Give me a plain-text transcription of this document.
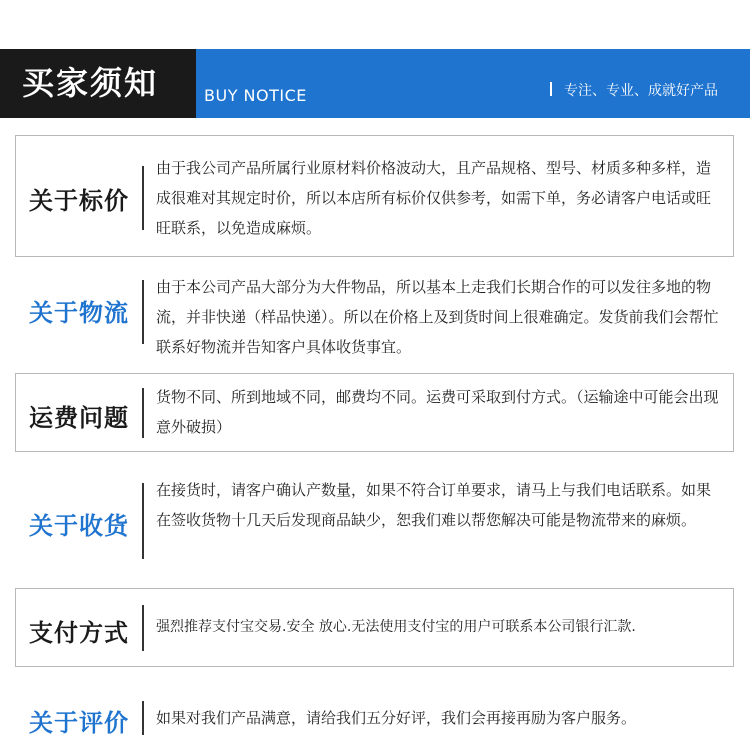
买家须知	BUY NOTICE	专注、专业、成就好产品
关于标价
由于我公司产品所属行业原材料价格波动大，且产品规格、型号、材质多种多样，造成很难对其规定时价，所以本店所有标价仅供参考，如需下单，务必请客户电话或旺旺联系，以免造成麻烦。
关于物流
由于本公司产品大部分为大件物品，所以基本上走我们长期合作的可以发往多地的物流，并非快递（样品快递）。所以在价格上及到货时间上很难确定。发货前我们会帮忙联系好物流并告知客户具体收货事宜。
运费问题
货物不同、所到地域不同，邮费均不同。运费可采取到付方式。（运输途中可能会出现意外破损）
关于收货
在接货时，请客户确认产数量，如果不符合订单要求，请马上与我们电话联系。如果在签收货物十几天后发现商品缺少，恕我们难以帮您解决可能是物流带来的麻烦。
支付方式	强烈推荐支付宝交易.安全 放心.无法使用支付宝的用户可联系本公司银行汇款.
关于评价	如果对我们产品满意，请给我们五分好评，我们会再接再励为客户服务。
